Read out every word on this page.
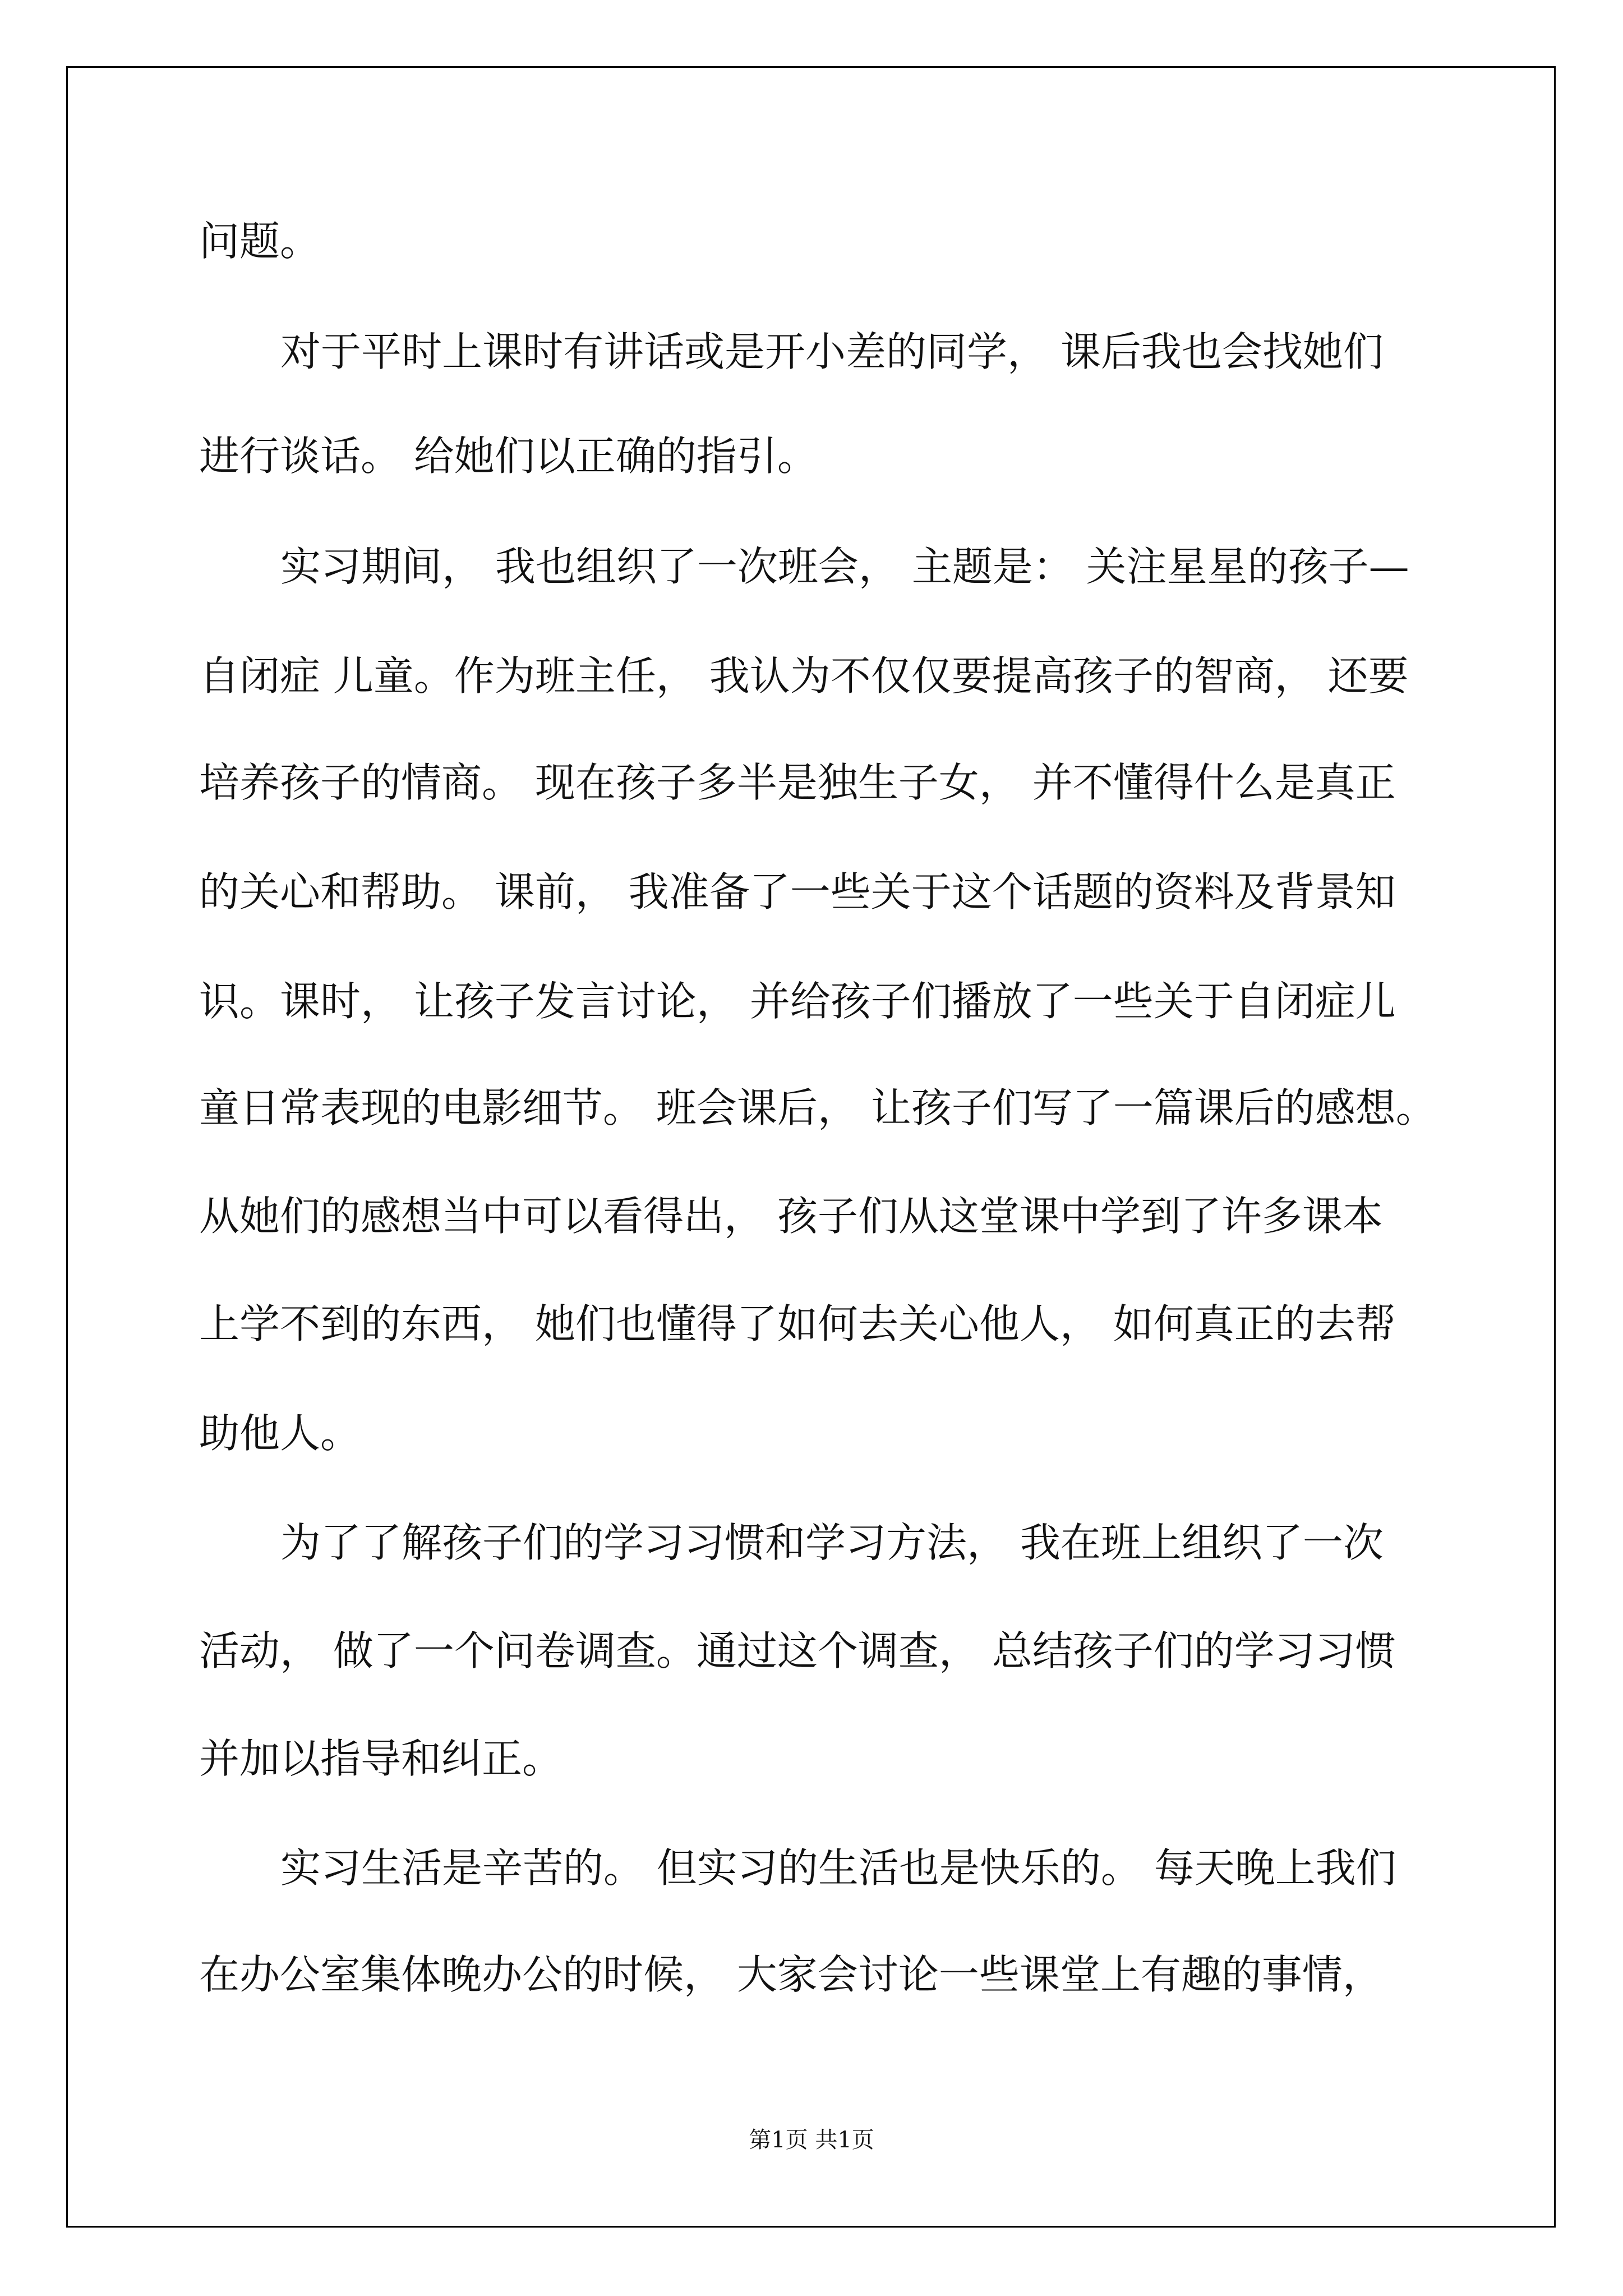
问题。

对于平时上课时有讲话或是开小差的同学， 课后我也会找她们

进行谈话。 给她们以正确的指引。

实习期间， 我也组织了一次班会， 主题是： 关注星星的孩子—

自闭症 儿童。作为班主任， 我认为不仅仅要提高孩子的智商， 还要

培养孩子的情商。 现在孩子多半是独生子女， 并不懂得什么是真正

的关心和帮助。 课前， 我准备了一些关于这个话题的资料及背景知

识。课时， 让孩子发言讨论， 并给孩子们播放了一些关于自闭症儿

童日常表现的电影细节。 班会课后， 让孩子们写了一篇课后的感想。

从她们的感想当中可以看得出， 孩子们从这堂课中学到了许多课本

上学不到的东西， 她们也懂得了如何去关心他人， 如何真正的去帮

助他人。

为了了解孩子们的学习习惯和学习方法， 我在班上组织了一次

活动， 做了一个问卷调查。通过这个调查， 总结孩子们的学习习惯

并加以指导和纠正。

实习生活是辛苦的。 但实习的生活也是快乐的。 每天晚上我们

在办公室集体晚办公的时候， 大家会讨论一些课堂上有趣的事情，

第1页 共1页
